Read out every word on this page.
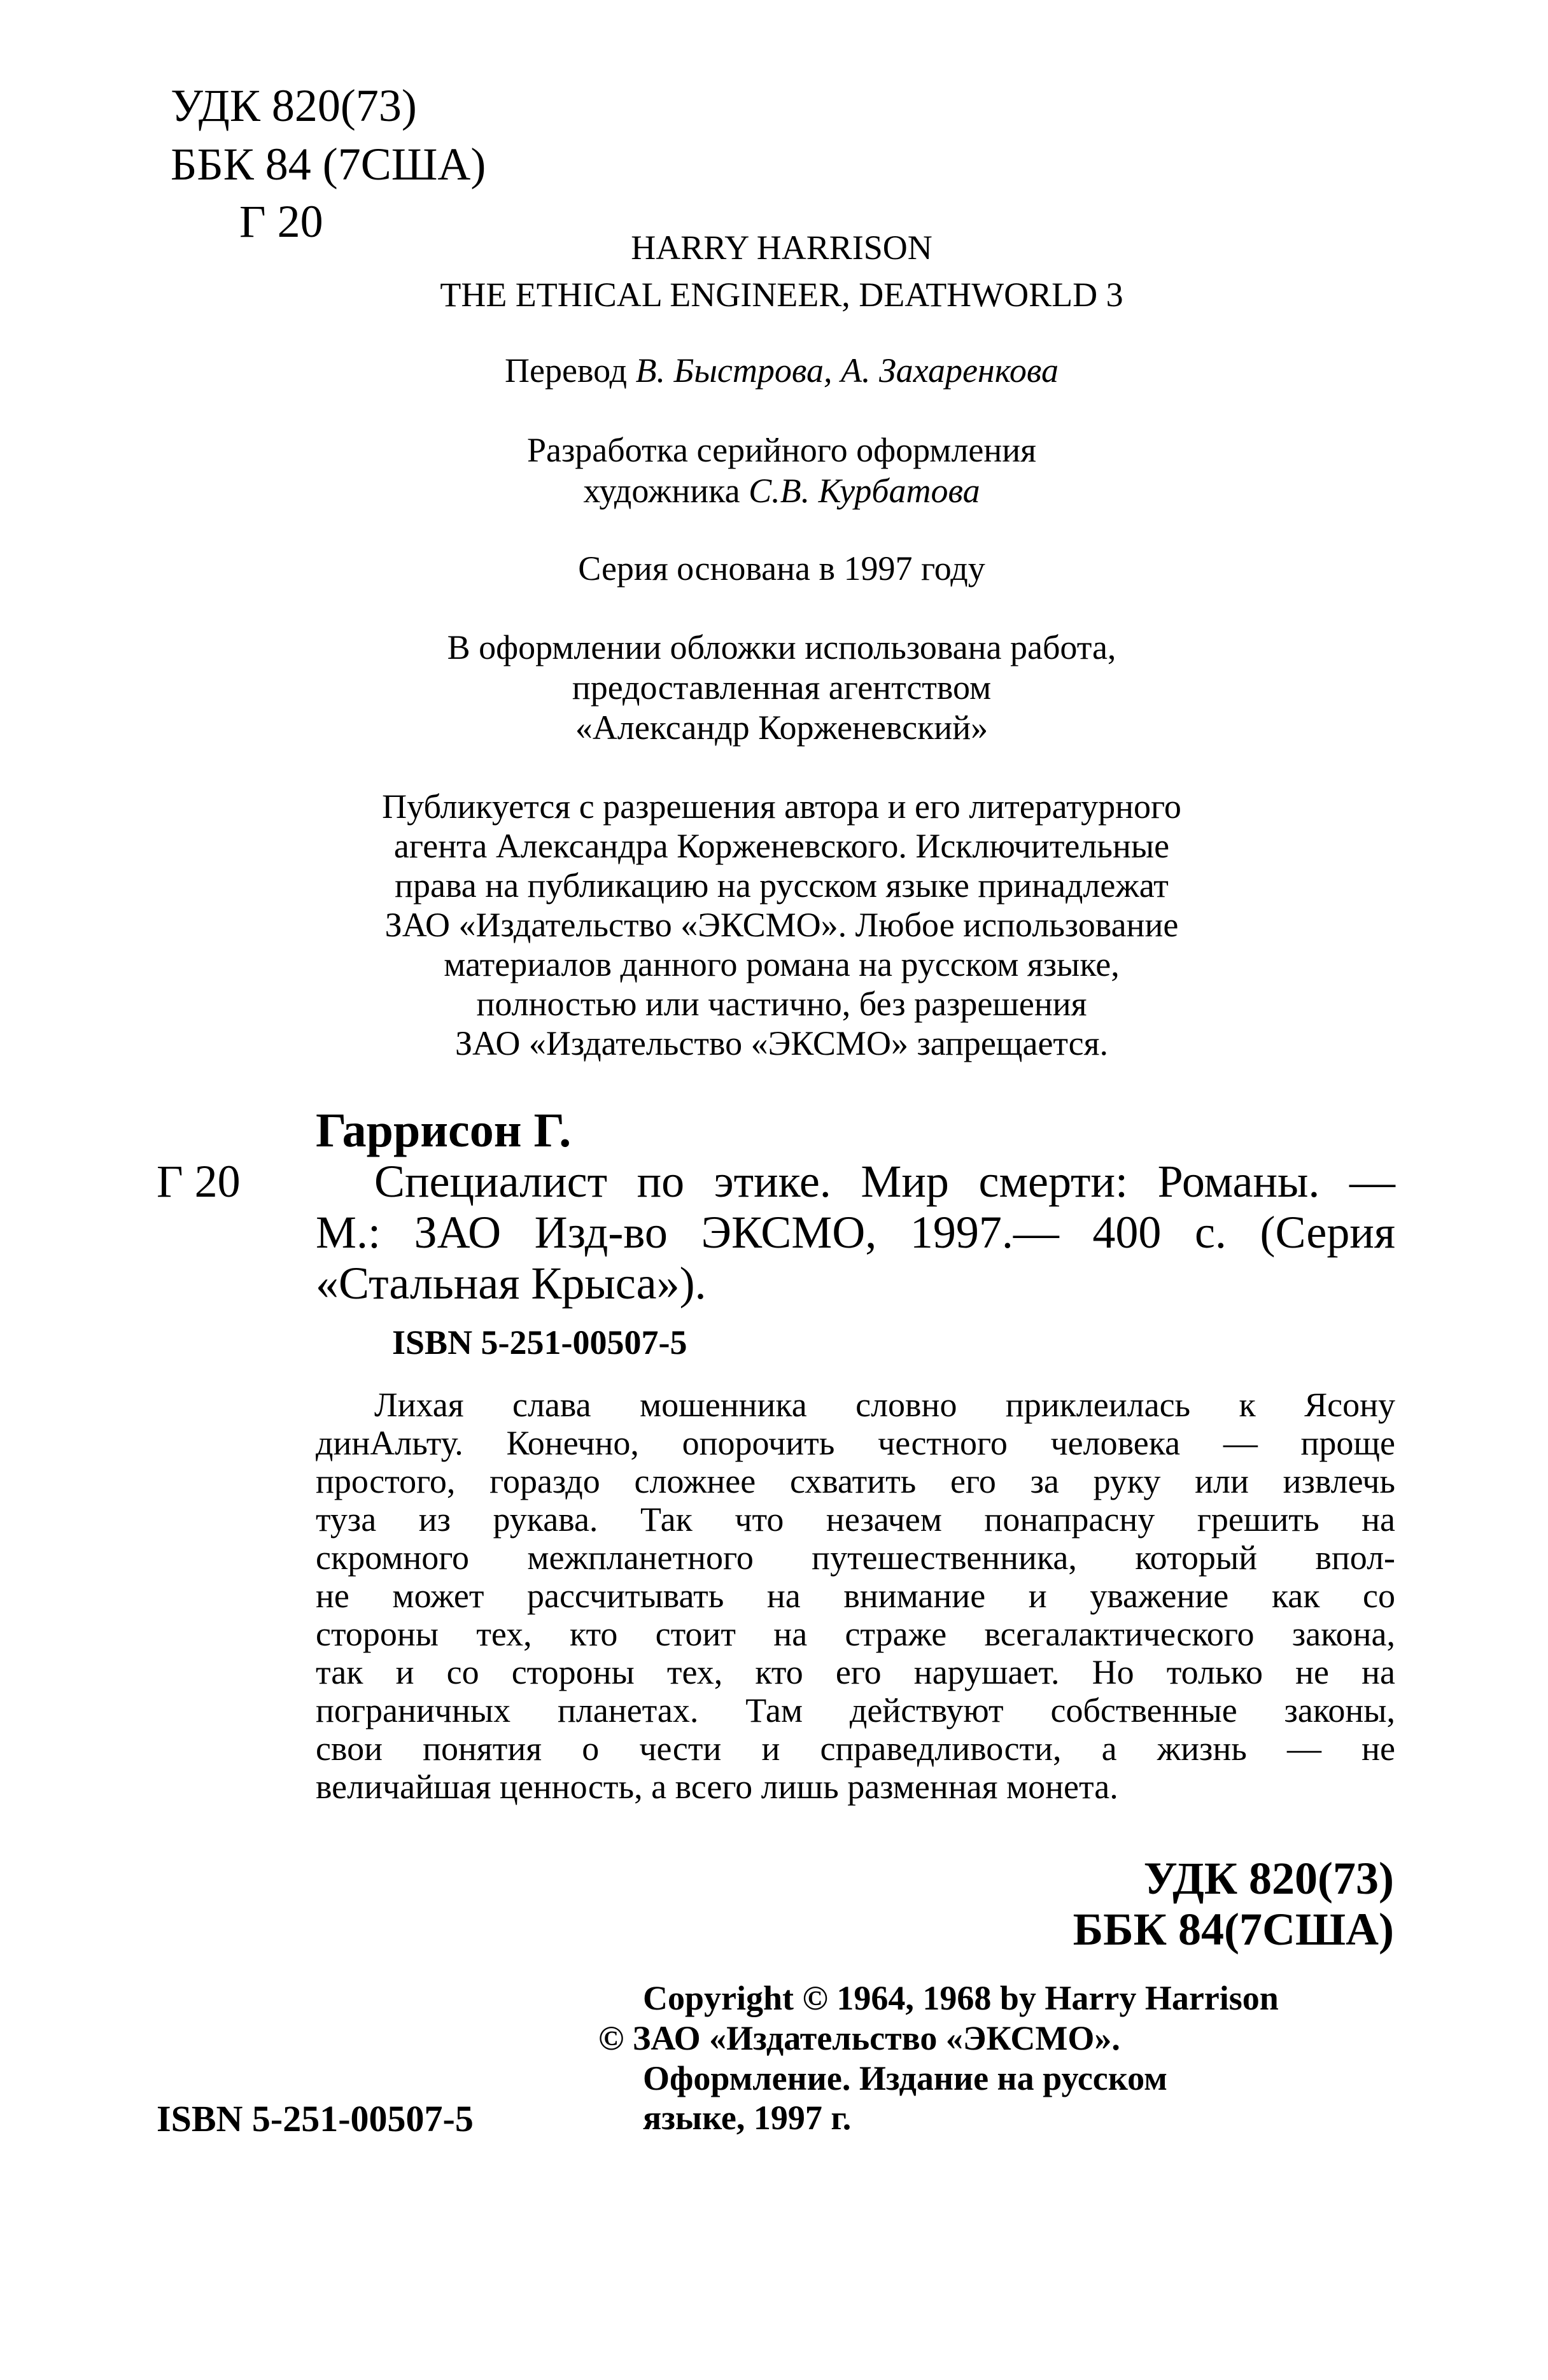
УДК 820(73)
ББК 84 (7США)
Г 20
HARRY HARRISON
THE ETHICAL ENGINEER, DEATHWORLD 3
Перевод В. Быстрова, А. Захаренкова
Разработка серийного оформления
художника С.В. Курбатова
Серия основана в 1997 году
В оформлении обложки использована работа,
предоставленная агентством
«Александр Корженевский»
Публикуется с разрешения автора и его литературного
агента Александра Корженевского. Исключительные
права на публикацию на русском языке принадлежат
ЗАО «Издательство «ЭКСМО». Любое использование
материалов данного романа на русском языке,
полностью или частично, без разрешения
ЗАО «Издательство «ЭКСМО» запрещается.
Гаррисон Г.
Г 20	Специалист по этике. Мир смерти: Романы. —
М.: ЗАО Изд-во ЭКСМО, 1997.— 400 с. (Серия
«Стальная Крыса»).
ISBN 5-251-00507-5
Лихая слава мошенника словно приклеилась к Ясону
динАльту. Конечно, опорочить честного человека — проще
простого, гораздо сложнее схватить его за руку или извлечь
туза из рукава. Так что незачем понапрасну грешить на
скромного межпланетного путешественника, который впол-
не может рассчитывать на внимание и уважение как со
стороны тех, кто стоит на страже всегалактического закона,
так и со стороны тех, кто его нарушает. Но только не на
пограничных планетах. Там действуют собственные законы,
свои понятия о чести и справедливости, а жизнь — не
величайшая ценность, а всего лишь разменная монета.
УДК 820(73)
ББК 84(7США)
Copyright © 1964, 1968 by Harry Harrison
© ЗАО «Издательство «ЭКСМО».
Оформление. Издание на русском
языке, 1997 г.
ISBN 5-251-00507-5
